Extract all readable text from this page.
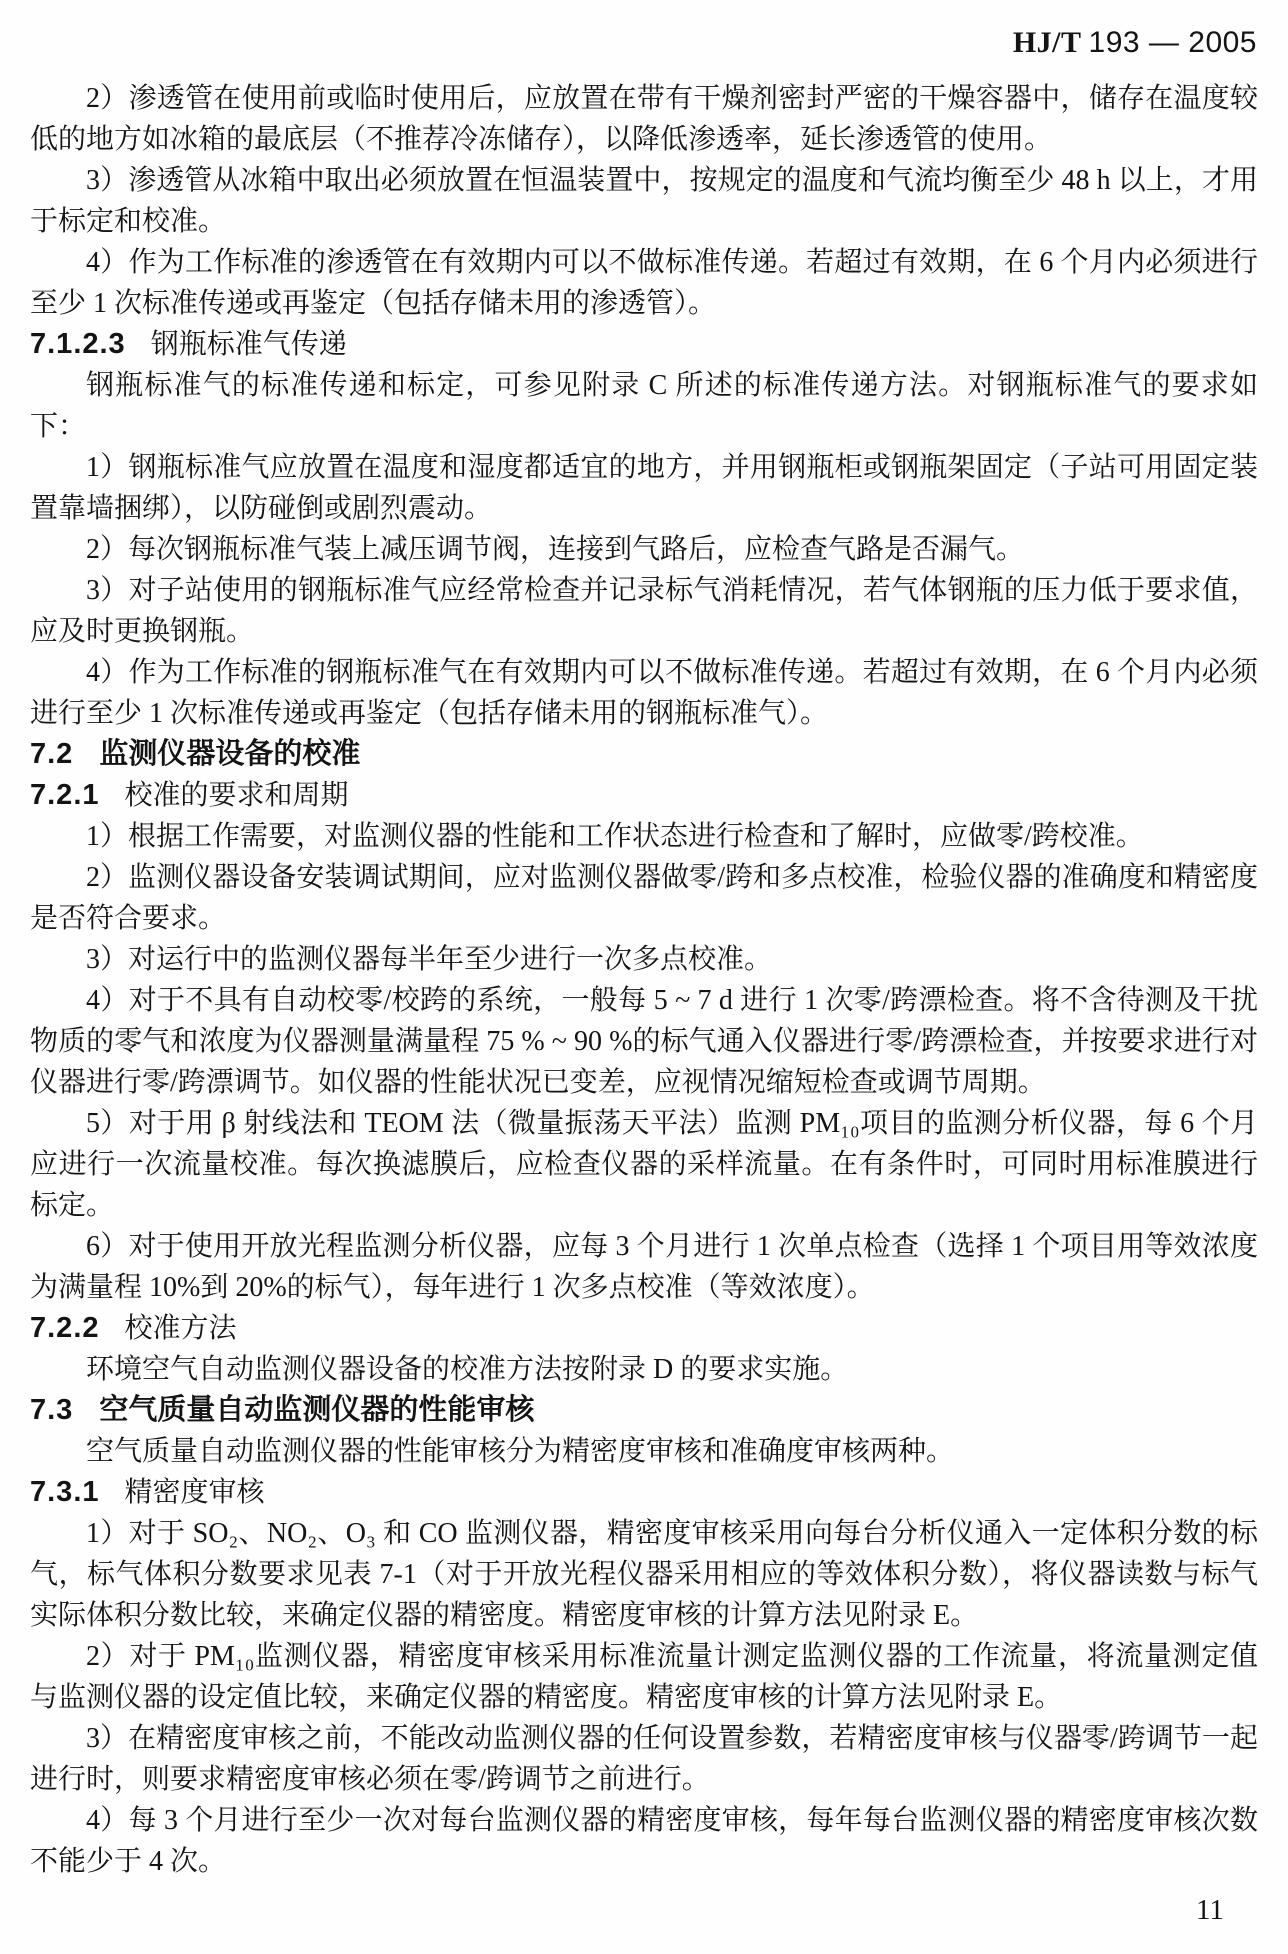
HJ/T 193 — 2005

2）渗透管在使用前或临时使用后，应放置在带有干燥剂密封严密的干燥容器中，储存在温度较低的地方如冰箱的最底层（不推荐冷冻储存），以降低渗透率，延长渗透管的使用。

3）渗透管从冰箱中取出必须放置在恒温装置中，按规定的温度和气流均衡至少 48 h 以上，才用于标定和校准。

4）作为工作标准的渗透管在有效期内可以不做标准传递。若超过有效期，在 6 个月内必须进行至少 1 次标准传递或再鉴定（包括存储未用的渗透管）。

7.1.2.3 钢瓶标准气传递

钢瓶标准气的标准传递和标定，可参见附录 C 所述的标准传递方法。对钢瓶标准气的要求如下：

1）钢瓶标准气应放置在温度和湿度都适宜的地方，并用钢瓶柜或钢瓶架固定（子站可用固定装置靠墙捆绑），以防碰倒或剧烈震动。

2）每次钢瓶标准气装上减压调节阀，连接到气路后，应检查气路是否漏气。

3）对子站使用的钢瓶标准气应经常检查并记录标气消耗情况，若气体钢瓶的压力低于要求值，应及时更换钢瓶。

4）作为工作标准的钢瓶标准气在有效期内可以不做标准传递。若超过有效期，在 6 个月内必须进行至少 1 次标准传递或再鉴定（包括存储未用的钢瓶标准气）。

7.2 监测仪器设备的校准

7.2.1 校准的要求和周期

1）根据工作需要，对监测仪器的性能和工作状态进行检查和了解时，应做零/跨校准。

2）监测仪器设备安装调试期间，应对监测仪器做零/跨和多点校准，检验仪器的准确度和精密度是否符合要求。

3）对运行中的监测仪器每半年至少进行一次多点校准。

4）对于不具有自动校零/校跨的系统，一般每 5 ~ 7 d 进行 1 次零/跨漂检查。将不含待测及干扰物质的零气和浓度为仪器测量满量程 75 % ~ 90 %的标气通入仪器进行零/跨漂检查，并按要求进行对仪器进行零/跨漂调节。如仪器的性能状况已变差，应视情况缩短检查或调节周期。

5）对于用 β 射线法和 TEOM 法（微量振荡天平法）监测 PM₁₀项目的监测分析仪器，每 6 个月应进行一次流量校准。每次换滤膜后，应检查仪器的采样流量。在有条件时，可同时用标准膜进行标定。

6）对于使用开放光程监测分析仪器，应每 3 个月进行 1 次单点检查（选择 1 个项目用等效浓度为满量程 10%到 20%的标气），每年进行 1 次多点校准（等效浓度）。

7.2.2 校准方法

环境空气自动监测仪器设备的校准方法按附录 D 的要求实施。

7.3 空气质量自动监测仪器的性能审核

空气质量自动监测仪器的性能审核分为精密度审核和准确度审核两种。

7.3.1 精密度审核

1）对于 SO₂、NO₂、O₃ 和 CO 监测仪器，精密度审核采用向每台分析仪通入一定体积分数的标气，标气体积分数要求见表 7-1（对于开放光程仪器采用相应的等效体积分数），将仪器读数与标气实际体积分数比较，来确定仪器的精密度。精密度审核的计算方法见附录 E。

2）对于 PM₁₀监测仪器，精密度审核采用标准流量计测定监测仪器的工作流量，将流量测定值与监测仪器的设定值比较，来确定仪器的精密度。精密度审核的计算方法见附录 E。

3）在精密度审核之前，不能改动监测仪器的任何设置参数，若精密度审核与仪器零/跨调节一起进行时，则要求精密度审核必须在零/跨调节之前进行。

4）每 3 个月进行至少一次对每台监测仪器的精密度审核，每年每台监测仪器的精密度审核次数不能少于 4 次。

11
